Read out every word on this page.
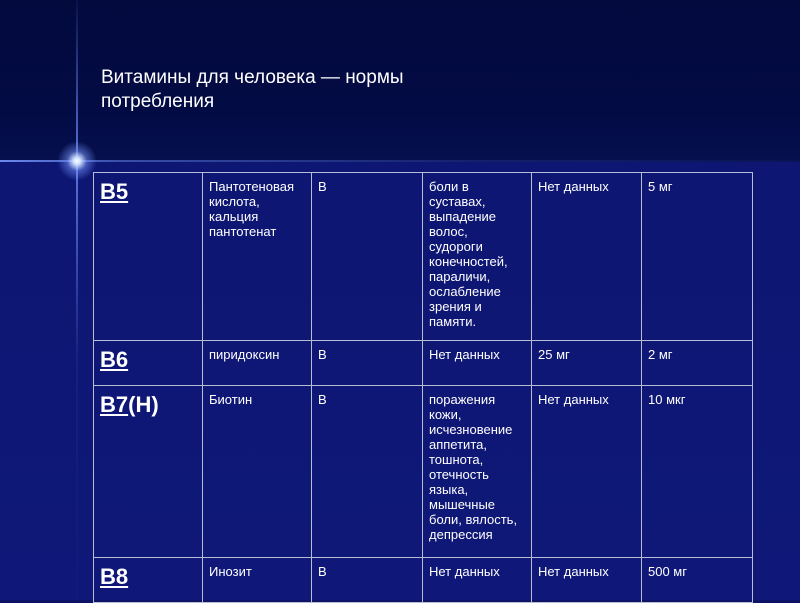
Витамины для человека — нормы потребления
B5	Пантотеновая кислота, кальция пантотенат	В	боли в суставах, выпадение волос, судороги конечностей, параличи, ослабление зрения и памяти.	Нет данных	5 мг
B6	пиридоксин	В	Нет данных	25 мг	2 мг
B7(H)	Биотин	В	поражения кожи, исчезновение аппетита, тошнота, отечность языка, мышечные боли, вялость, депрессия	Нет данных	10 мкг
B8	Инозит	В	Нет данных	Нет данных	500 мг
